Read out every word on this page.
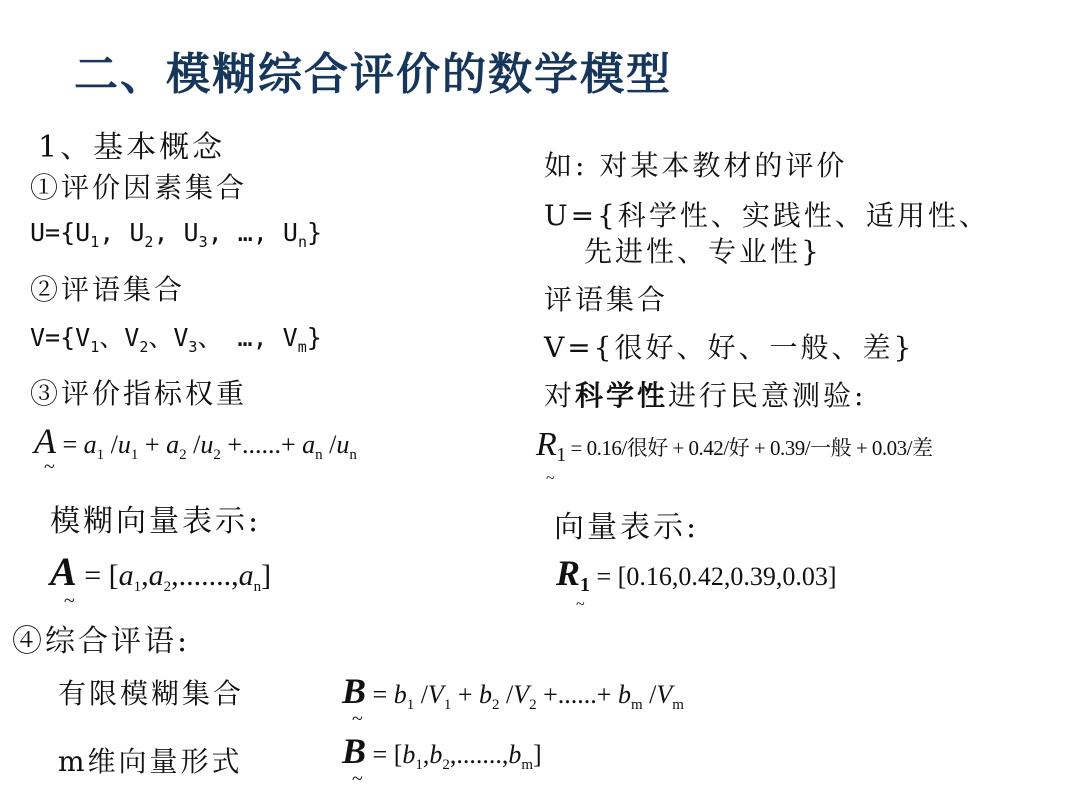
二、模糊综合评价的数学模型
1、基本概念
①评价因素集合
$U=\{U_1$, $U_2$, $U_3$, …, $U_n$}
②评语集合
$V=\{V_1$、$V_2$、$V_3$、 …, $V_m$}
③评价指标权重
$A = a_1$ $/u_1 + a_2$ $/u_2$ +......+ $a_n$ $/u_n$
~
模糊向量表示:
$A = [a_1,a_2,.......,a_n]$
~
④综合评语:
有限模糊集合	$B = b_1$ $/V_1 + b_2$ $/V_2$ +......+ $b_m$ $/V_m$
~
m维向量形式	$B = [b_1,b_2,.......,b_m]$
~
如: 对某本教材的评价
U={科学性、实践性、适用性、
先进性、专业性}
评语集合
V={很好、好、一般、差}
对科学性进行民意测验:
$R_1 = 0.16/$很好 + 0.42/好 + 0.39/一般 + 0.03/差
~
向量表示:
$R_1 = [0.16,0.42,0.39,0.03]$
~
